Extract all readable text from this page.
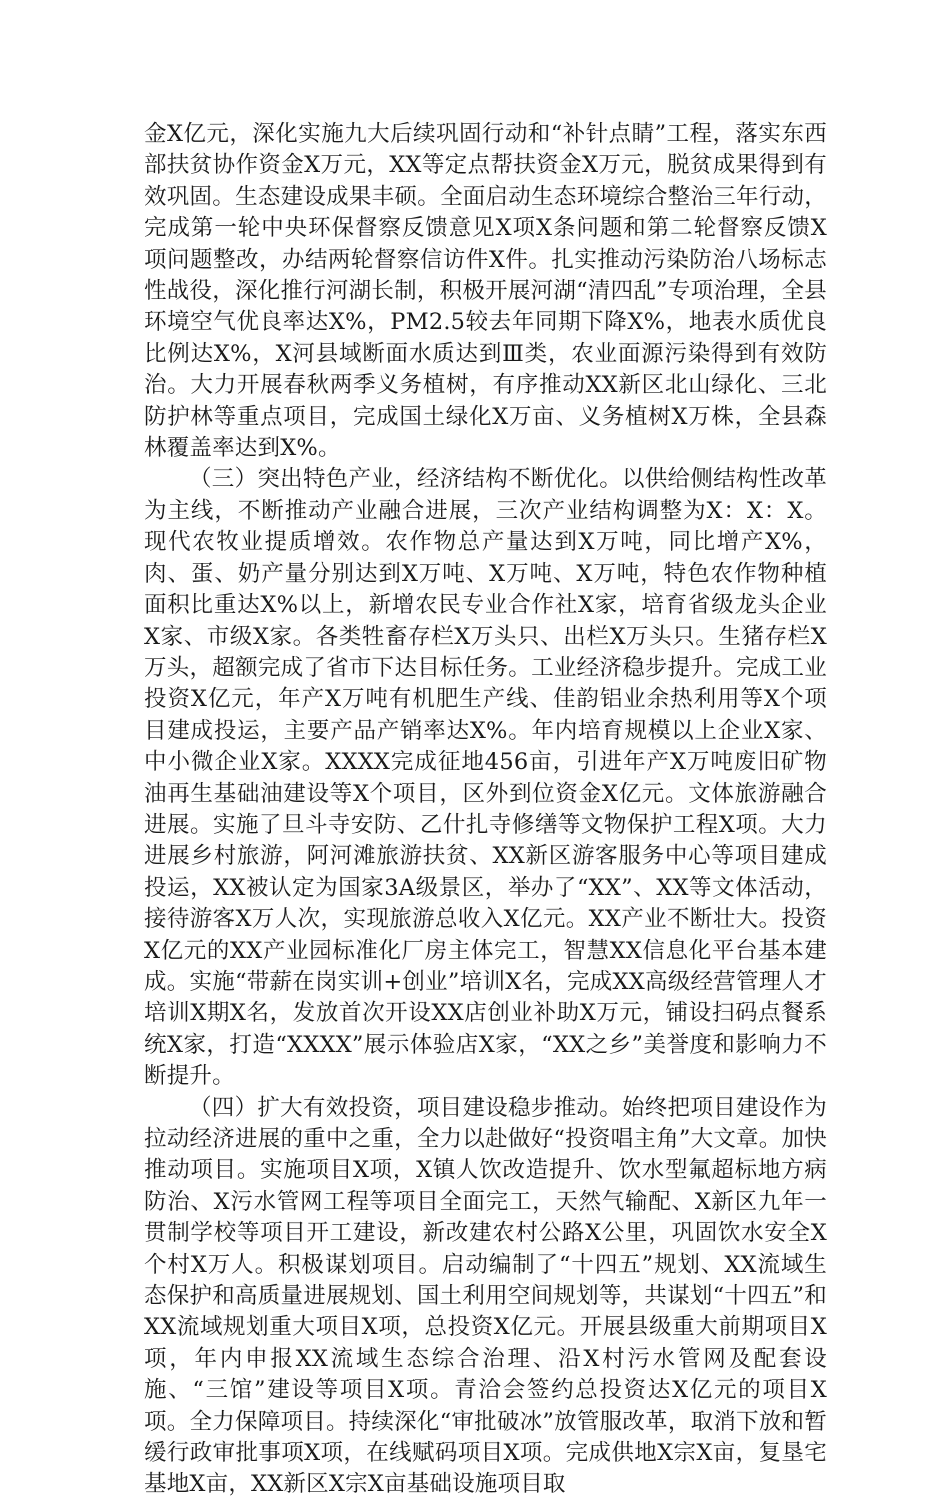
金X亿元，深化实施九大后续巩固行动和“补针点睛”工程，落实东西部扶贫协作资金X万元，XX等定点帮扶资金X万元，脱贫成果得到有效巩固。生态建设成果丰硕。全面启动生态环境综合整治三年行动，完成第一轮中央环保督察反馈意见X项X条问题和第二轮督察反馈X项问题整改，办结两轮督察信访件X件。扎实推动污染防治八场标志性战役，深化推行河湖长制，积极开展河湖“清四乱”专项治理，全县环境空气优良率达X%，PM2.5较去年同期下降X%，地表水质优良比例达X%，X河县域断面水质达到Ⅲ类，农业面源污染得到有效防治。大力开展春秋两季义务植树，有序推动XX新区北山绿化、三北防护林等重点项目，完成国土绿化X万亩、义务植树X万株，全县森林覆盖率达到X%。

（三）突出特色产业，经济结构不断优化。以供给侧结构性改革为主线，不断推动产业融合进展，三次产业结构调整为X：X：X。现代农牧业提质增效。农作物总产量达到X万吨，同比增产X%，肉、蛋、奶产量分别达到X万吨、X万吨、X万吨，特色农作物种植面积比重达X%以上，新增农民专业合作社X家，培育省级龙头企业X家、市级X家。各类牲畜存栏X万头只、出栏X万头只。生猪存栏X万头，超额完成了省市下达目标任务。工业经济稳步提升。完成工业投资X亿元，年产X万吨有机肥生产线、佳韵铝业余热利用等X个项目建成投运，主要产品产销率达X%。年内培育规模以上企业X家、中小微企业X家。XXXX完成征地456亩，引进年产X万吨废旧矿物油再生基础油建设等X个项目，区外到位资金X亿元。文体旅游融合进展。实施了旦斗寺安防、乙什扎寺修缮等文物保护工程X项。大力进展乡村旅游，阿河滩旅游扶贫、XX新区游客服务中心等项目建成投运，XX被认定为国家3A级景区，举办了“XX”、XX等文体活动，接待游客X万人次，实现旅游总收入X亿元。XX产业不断壮大。投资X亿元的XX产业园标准化厂房主体完工，智慧XX信息化平台基本建成。实施“带薪在岗实训+创业”培训X名，完成XX高级经营管理人才培训X期X名，发放首次开设XX店创业补助X万元，铺设扫码点餐系统X家，打造“XXXX”展示体验店X家，“XX之乡”美誉度和影响力不断提升。

（四）扩大有效投资，项目建设稳步推动。始终把项目建设作为拉动经济进展的重中之重，全力以赴做好“投资唱主角”大文章。加快推动项目。实施项目X项，X镇人饮改造提升、饮水型氟超标地方病防治、X污水管网工程等项目全面完工，天然气输配、X新区九年一贯制学校等项目开工建设，新改建农村公路X公里，巩固饮水安全X个村X万人。积极谋划项目。启动编制了“十四五”规划、XX流域生态保护和高质量进展规划、国土利用空间规划等，共谋划“十四五”和XX流域规划重大项目X项，总投资X亿元。开展县级重大前期项目X项，年内申报XX流域生态综合治理、沿X村污水管网及配套设施、“三馆”建设等项目X项。青洽会签约总投资达X亿元的项目X项。全力保障项目。持续深化“审批破冰”放管服改革，取消下放和暂缓行政审批事项X项，在线赋码项目X项。完成供地X宗X亩，复垦宅基地X亩，XX新区X宗X亩基础设施项目取
